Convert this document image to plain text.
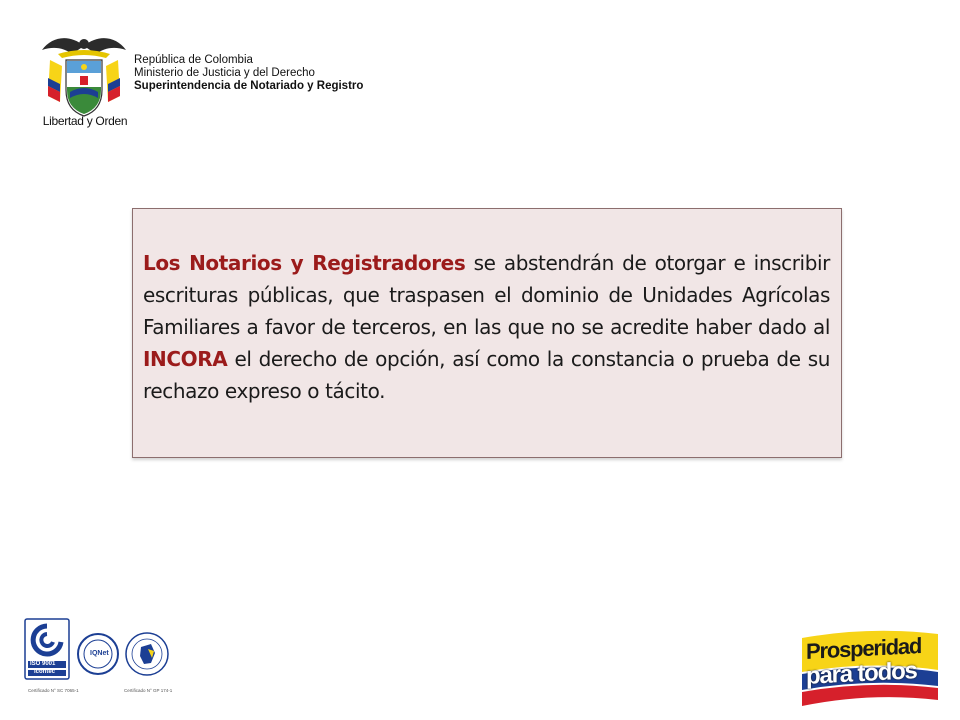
Libertad y Orden
República de Colombia
Ministerio de Justicia y del Derecho
Superintendencia de Notariado y Registro
Los Notarios y Registradores se abstendrán de otorgar e inscribir escrituras públicas, que traspasen el dominio de Unidades Agrícolas Familiares a favor de terceros, en las que no se acredite haber dado al INCORA el derecho de opción, así como la constancia o prueba de su rechazo expreso o tácito.
ISO 9001
icontec
IQNet
Certificado N° SC 7065-1	Certificado N° GP 174-1
Prosperidad
para todos
